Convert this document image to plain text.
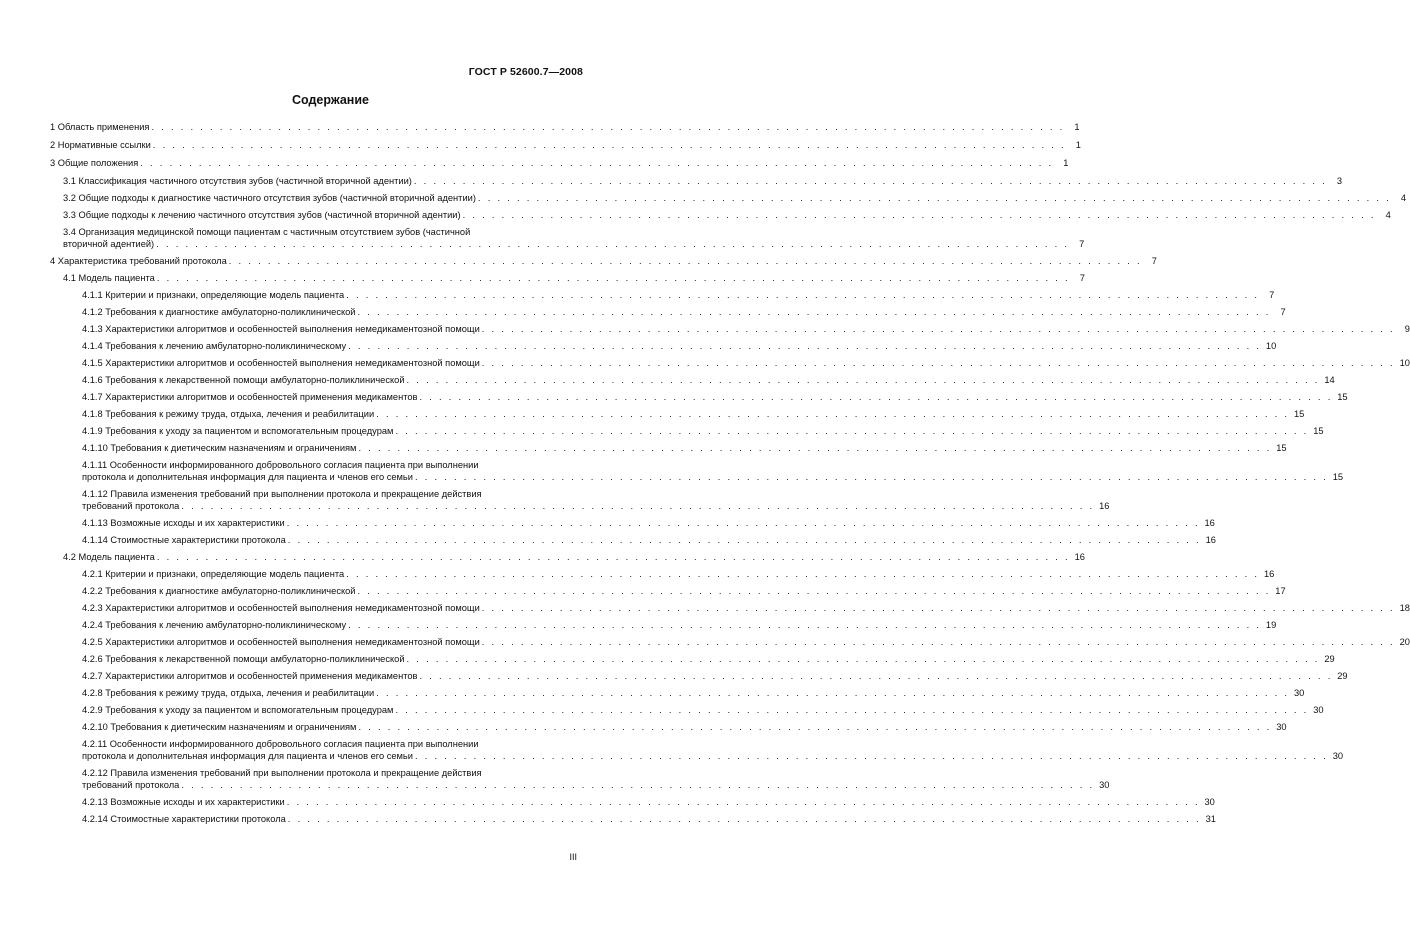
ГОСТ Р 52600.7—2008
Содержание
1 Область применения . . . . . . . . . . . . . . . . . . . . . . . . . . . . . . . . . . . . . . . . . . . . . . . . . . . . . . . . . . . . . . . . . . . . . . . . . . . . . . . . . . . . . . . . . . . . . .	1
2 Нормативные ссылки . . . . . . . . . . . . . . . . . . . . . . . . . . . . . . . . . . . . . . . . . . . . . . . . . . . . . . . . . . . . . . . . . . . . . . . . . . . . . . . . . . . . . . . . . . . . . .	1
3 Общие положения . . . . . . . . . . . . . . . . . . . . . . . . . . . . . . . . . . . . . . . . . . . . . . . . . . . . . . . . . . . . . . . . . . . . . . . . . . . . . . . . . . . . . . . . . . . . . .	1
3.1 Классификация частичного отсутствия зубов (частичной вторичной адентии) . . . . . . . . . . . . . . . . . . . . . . . . . . . . . . . . . . . . . . . . . . . . . . . . . . . . . . . . . . . . . . . . . . . . . . . . . . . . . . . . . . . . . . . . . . . . . .	3
3.2 Общие подходы к диагностике частичного отсутствия зубов (частичной вторичной адентии) . . . . . . . . . . . . . . . . . . . . . . . . . . . . . . . . . . . . . . . . . . . . . . . . . . . . . . . . . . . . . . . . . . . . . . . . . . . . . . . . . . . . . . . . . . . . . .	4
3.3 Общие подходы к лечению частичного отсутствия зубов (частичной вторичной адентии) . . . . . . . . . . . . . . . . . . . . . . . . . . . . . . . . . . . . . . . . . . . . . . . . . . . . . . . . . . . . . . . . . . . . . . . . . . . . . . . . . . . . . . . . . . . . . .	4
3.4 Организация медицинской помощи пациентам с частичным отсутствием зубов (частичной
вторичной адентией) . . . . . . . . . . . . . . . . . . . . . . . . . . . . . . . . . . . . . . . . . . . . . . . . . . . . . . . . . . . . . . . . . . . . . . . . . . . . . . . . . . . . . . . . . . . . . .	7
4 Характеристика требований протокола . . . . . . . . . . . . . . . . . . . . . . . . . . . . . . . . . . . . . . . . . . . . . . . . . . . . . . . . . . . . . . . . . . . . . . . . . . . . . . . . . . . . . . . . . . . . . .	7
4.1 Модель пациента . . . . . . . . . . . . . . . . . . . . . . . . . . . . . . . . . . . . . . . . . . . . . . . . . . . . . . . . . . . . . . . . . . . . . . . . . . . . . . . . . . . . . . . . . . . . . .	7
4.1.1 Критерии и признаки, определяющие модель пациента . . . . . . . . . . . . . . . . . . . . . . . . . . . . . . . . . . . . . . . . . . . . . . . . . . . . . . . . . . . . . . . . . . . . . . . . . . . . . . . . . . . . . . . . . . . . . .	7
4.1.2 Требования к диагностике амбулаторно-поликлинической . . . . . . . . . . . . . . . . . . . . . . . . . . . . . . . . . . . . . . . . . . . . . . . . . . . . . . . . . . . . . . . . . . . . . . . . . . . . . . . . . . . . . . . . . . . . . .	7
4.1.3 Характеристики алгоритмов и особенностей выполнения немедикаментозной помощи . . . . . . . . . . . . . . . . . . . . . . . . . . . . . . . . . . . . . . . . . . . . . . . . . . . . . . . . . . . . . . . . . . . . . . . . . . . . . . . . . . . . . . . . . . . . . .	9
4.1.4 Требования к лечению амбулаторно-поликлиническому . . . . . . . . . . . . . . . . . . . . . . . . . . . . . . . . . . . . . . . . . . . . . . . . . . . . . . . . . . . . . . . . . . . . . . . . . . . . . . . . . . . . . . . . . . . . . . 10
4.1.5 Характеристики алгоритмов и особенностей выполнения немедикаментозной помощи . . . . . . . . . . . . . . . . . . . . . . . . . . . . . . . . . . . . . . . . . . . . . . . . . . . . . . . . . . . . . . . . . . . . . . . . . . . . . . . . . . . . . . . . . . . . . . 10
4.1.6 Требования к лекарственной помощи амбулаторно-поликлинической . . . . . . . . . . . . . . . . . . . . . . . . . . . . . . . . . . . . . . . . . . . . . . . . . . . . . . . . . . . . . . . . . . . . . . . . . . . . . . . . . . . . . . . . . . . . . . 14
4.1.7 Характеристики алгоритмов и особенностей применения медикаментов . . . . . . . . . . . . . . . . . . . . . . . . . . . . . . . . . . . . . . . . . . . . . . . . . . . . . . . . . . . . . . . . . . . . . . . . . . . . . . . . . . . . . . . . . . . . . . 15
4.1.8 Требования к режиму труда, отдыха, лечения и реабилитации . . . . . . . . . . . . . . . . . . . . . . . . . . . . . . . . . . . . . . . . . . . . . . . . . . . . . . . . . . . . . . . . . . . . . . . . . . . . . . . . . . . . . . . . . . . . . . 15
4.1.9 Требования к уходу за пациентом и вспомогательным процедурам . . . . . . . . . . . . . . . . . . . . . . . . . . . . . . . . . . . . . . . . . . . . . . . . . . . . . . . . . . . . . . . . . . . . . . . . . . . . . . . . . . . . . . . . . . . . . . 15
4.1.10 Требования к диетическим назначениям и ограничениям . . . . . . . . . . . . . . . . . . . . . . . . . . . . . . . . . . . . . . . . . . . . . . . . . . . . . . . . . . . . . . . . . . . . . . . . . . . . . . . . . . . . . . . . . . . . . . 15
4.1.11 Особенности информированного добровольного согласия пациента при выполнении
протокола и дополнительная информация для пациента и членов его семьи . . . . . . . . . . . . . . . . . . . . . . . . . . . . . . . . . . . . . . . . . . . . . . . . . . . . . . . . . . . . . . . . . . . . . . . . . . . . . . . . . . . . . . . . . . . . . . 15
4.1.12 Правила изменения требований при выполнении протокола и прекращение действия
требований протокола . . . . . . . . . . . . . . . . . . . . . . . . . . . . . . . . . . . . . . . . . . . . . . . . . . . . . . . . . . . . . . . . . . . . . . . . . . . . . . . . . . . . . . . . . . . . . . 16
4.1.13 Возможные исходы и их характеристики . . . . . . . . . . . . . . . . . . . . . . . . . . . . . . . . . . . . . . . . . . . . . . . . . . . . . . . . . . . . . . . . . . . . . . . . . . . . . . . . . . . . . . . . . . . . . . 16
4.1.14 Стоимостные характеристики протокола . . . . . . . . . . . . . . . . . . . . . . . . . . . . . . . . . . . . . . . . . . . . . . . . . . . . . . . . . . . . . . . . . . . . . . . . . . . . . . . . . . . . . . . . . . . . . . 16
4.2 Модель пациента . . . . . . . . . . . . . . . . . . . . . . . . . . . . . . . . . . . . . . . . . . . . . . . . . . . . . . . . . . . . . . . . . . . . . . . . . . . . . . . . . . . . . . . . . . . . . . 16
4.2.1 Критерии и признаки, определяющие модель пациента . . . . . . . . . . . . . . . . . . . . . . . . . . . . . . . . . . . . . . . . . . . . . . . . . . . . . . . . . . . . . . . . . . . . . . . . . . . . . . . . . . . . . . . . . . . . . . 16
4.2.2 Требования к диагностике амбулаторно-поликлинической . . . . . . . . . . . . . . . . . . . . . . . . . . . . . . . . . . . . . . . . . . . . . . . . . . . . . . . . . . . . . . . . . . . . . . . . . . . . . . . . . . . . . . . . . . . . . . 17
4.2.3 Характеристики алгоритмов и особенностей выполнения немедикаментозной помощи . . . . . . . . . . . . . . . . . . . . . . . . . . . . . . . . . . . . . . . . . . . . . . . . . . . . . . . . . . . . . . . . . . . . . . . . . . . . . . . . . . . . . . . . . . . . . . 18
4.2.4 Требования к лечению амбулаторно-поликлиническому . . . . . . . . . . . . . . . . . . . . . . . . . . . . . . . . . . . . . . . . . . . . . . . . . . . . . . . . . . . . . . . . . . . . . . . . . . . . . . . . . . . . . . . . . . . . . . 19
4.2.5 Характеристики алгоритмов и особенностей выполнения немедикаментозной помощи . . . . . . . . . . . . . . . . . . . . . . . . . . . . . . . . . . . . . . . . . . . . . . . . . . . . . . . . . . . . . . . . . . . . . . . . . . . . . . . . . . . . . . . . . . . . . . 20
4.2.6 Требования к лекарственной помощи амбулаторно-поликлинической . . . . . . . . . . . . . . . . . . . . . . . . . . . . . . . . . . . . . . . . . . . . . . . . . . . . . . . . . . . . . . . . . . . . . . . . . . . . . . . . . . . . . . . . . . . . . . 29
4.2.7 Характеристики алгоритмов и особенностей применения медикаментов . . . . . . . . . . . . . . . . . . . . . . . . . . . . . . . . . . . . . . . . . . . . . . . . . . . . . . . . . . . . . . . . . . . . . . . . . . . . . . . . . . . . . . . . . . . . . . 29
4.2.8 Требования к режиму труда, отдыха, лечения и реабилитации . . . . . . . . . . . . . . . . . . . . . . . . . . . . . . . . . . . . . . . . . . . . . . . . . . . . . . . . . . . . . . . . . . . . . . . . . . . . . . . . . . . . . . . . . . . . . . 30
4.2.9 Требования к уходу за пациентом и вспомогательным процедурам . . . . . . . . . . . . . . . . . . . . . . . . . . . . . . . . . . . . . . . . . . . . . . . . . . . . . . . . . . . . . . . . . . . . . . . . . . . . . . . . . . . . . . . . . . . . . . 30
4.2.10 Требования к диетическим назначениям и ограничениям . . . . . . . . . . . . . . . . . . . . . . . . . . . . . . . . . . . . . . . . . . . . . . . . . . . . . . . . . . . . . . . . . . . . . . . . . . . . . . . . . . . . . . . . . . . . . . 30
4.2.11 Особенности информированного добровольного согласия пациента при выполнении
протокола и дополнительная информация для пациента и членов его семьи . . . . . . . . . . . . . . . . . . . . . . . . . . . . . . . . . . . . . . . . . . . . . . . . . . . . . . . . . . . . . . . . . . . . . . . . . . . . . . . . . . . . . . . . . . . . . . 30
4.2.12 Правила изменения требований при выполнении протокола и прекращение действия
требований протокола . . . . . . . . . . . . . . . . . . . . . . . . . . . . . . . . . . . . . . . . . . . . . . . . . . . . . . . . . . . . . . . . . . . . . . . . . . . . . . . . . . . . . . . . . . . . . . 30
4.2.13 Возможные исходы и их характеристики . . . . . . . . . . . . . . . . . . . . . . . . . . . . . . . . . . . . . . . . . . . . . . . . . . . . . . . . . . . . . . . . . . . . . . . . . . . . . . . . . . . . . . . . . . . . . . 30
4.2.14 Стоимостные характеристики протокола . . . . . . . . . . . . . . . . . . . . . . . . . . . . . . . . . . . . . . . . . . . . . . . . . . . . . . . . . . . . . . . . . . . . . . . . . . . . . . . . . . . . . . . . . . . . . . 31
III
